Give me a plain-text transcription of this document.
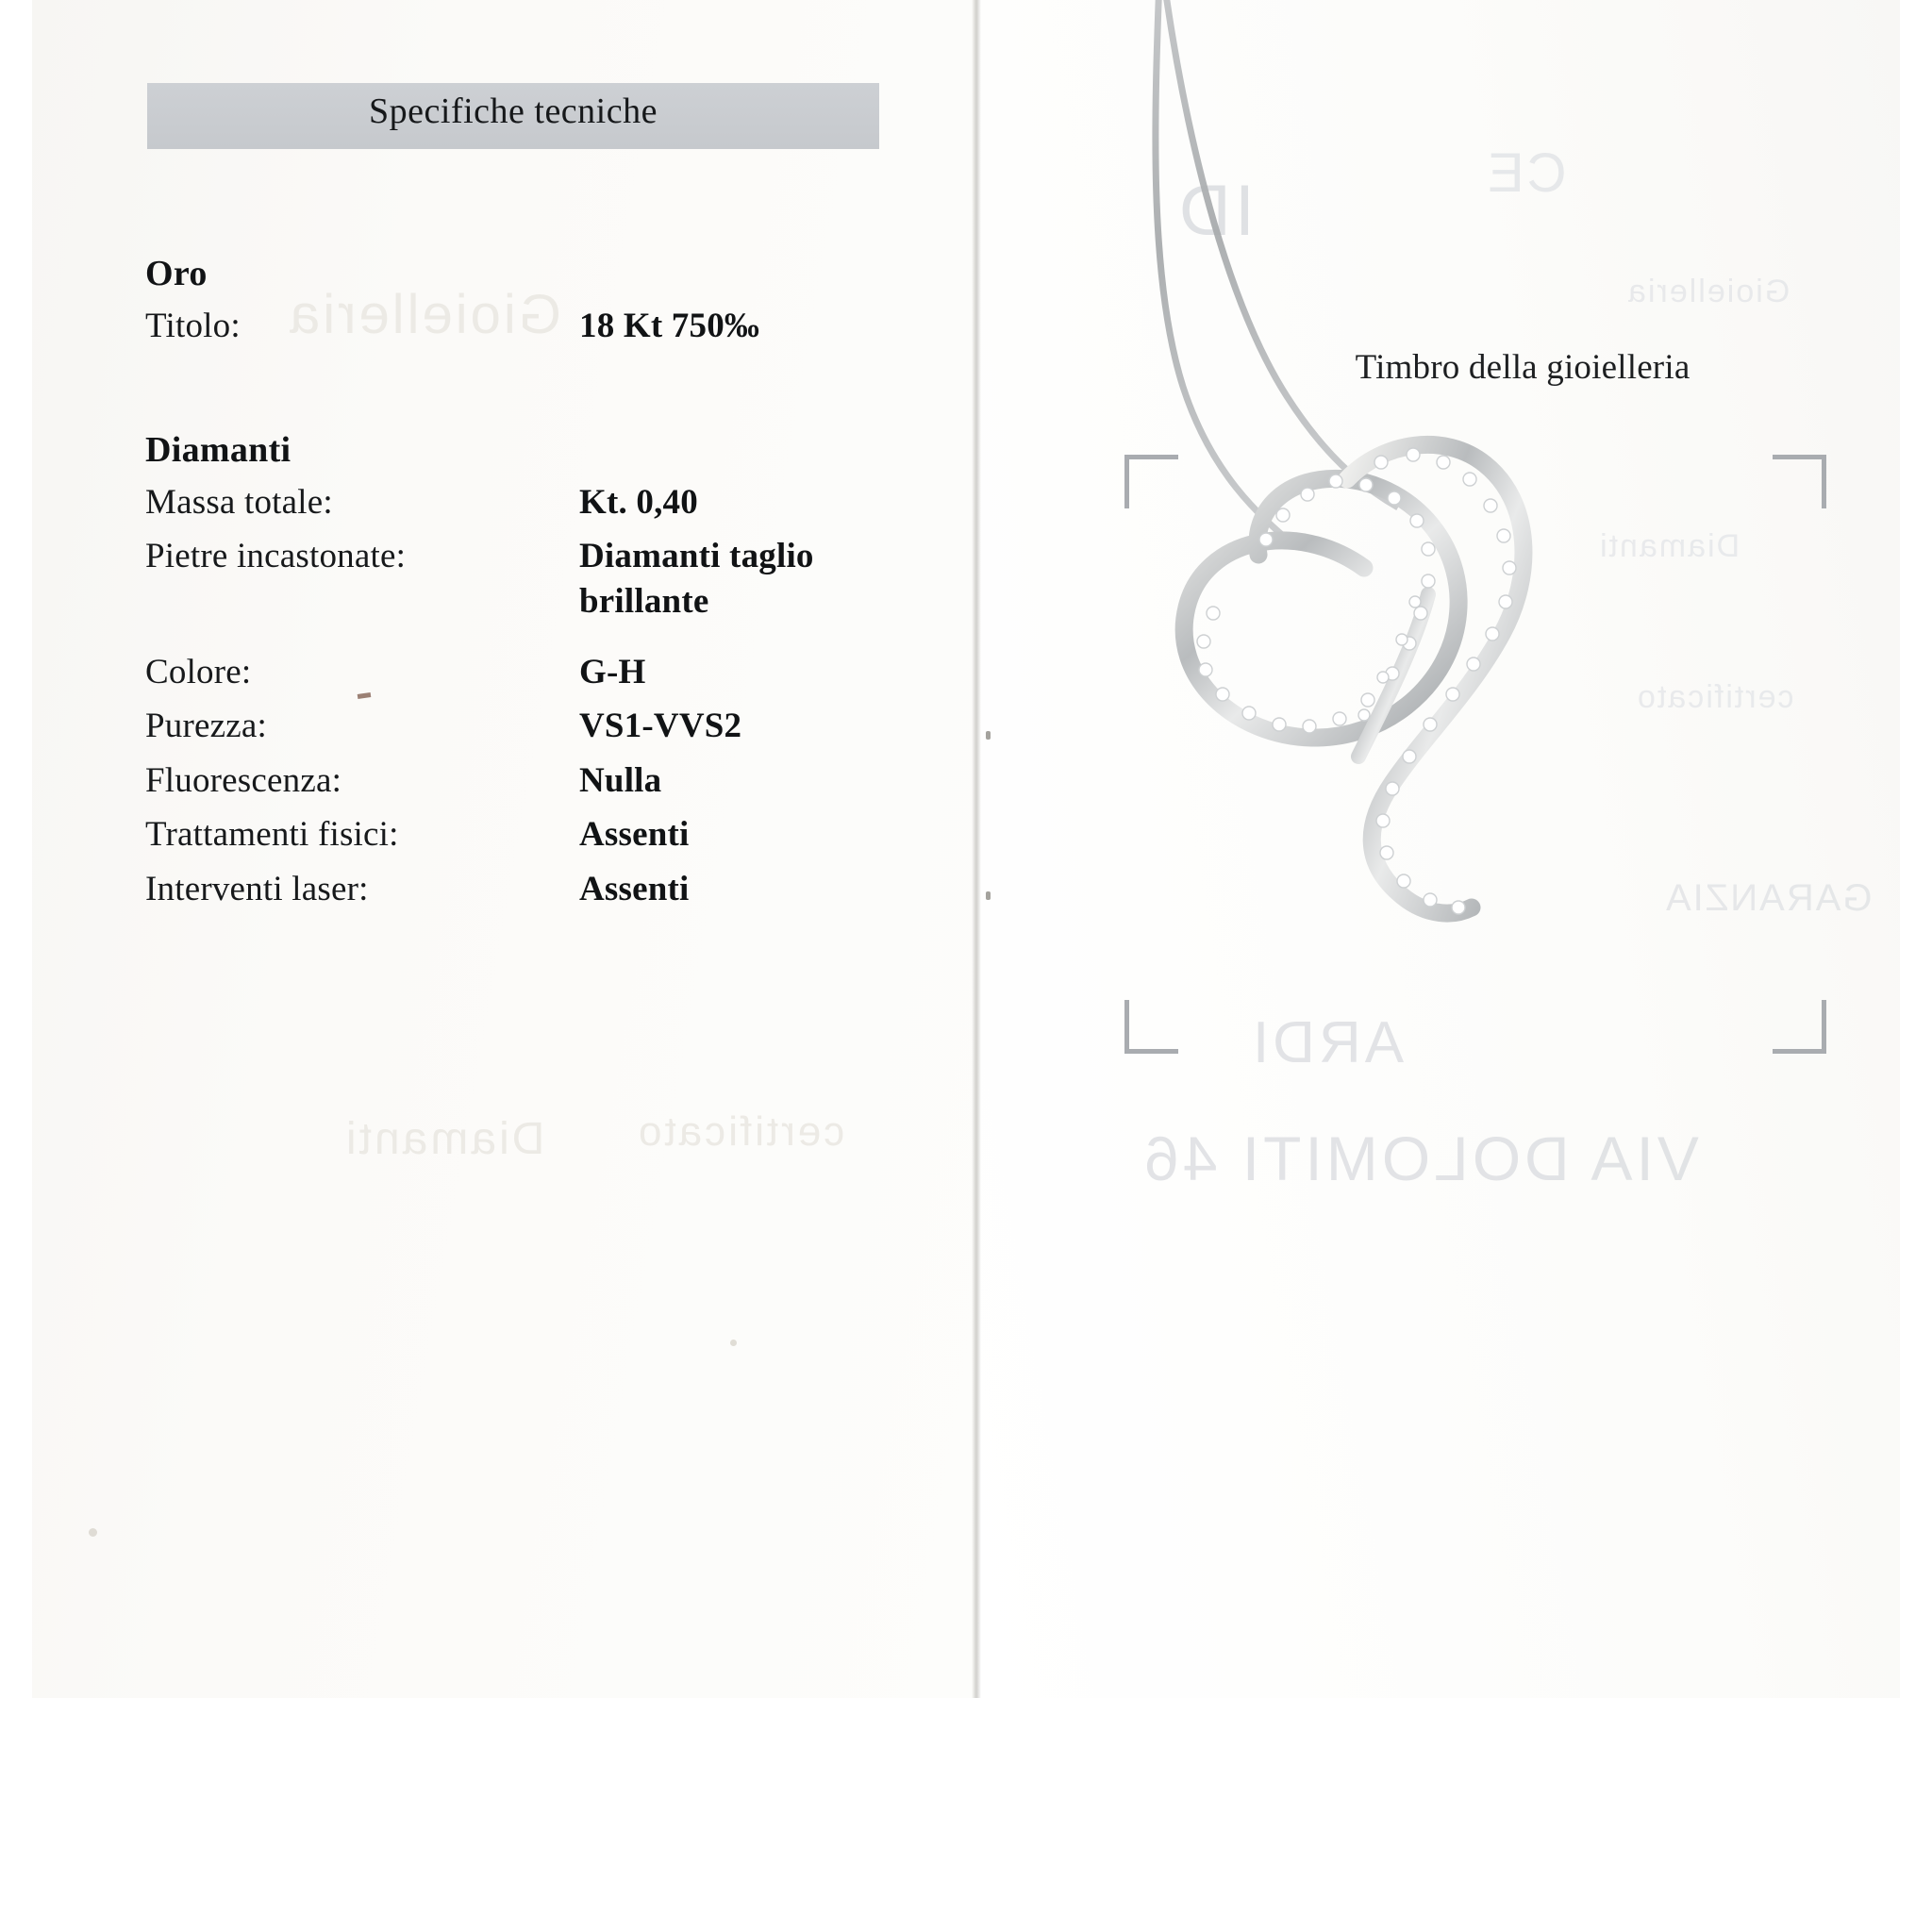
Gioielleria
Diamanti certificato
Specifiche tecniche
Oro
Titolo:	18 Kt 750‰
Diamanti
Massa totale:	Kt. 0,40
Pietre incastonate:	Diamanti taglio brillante
Colore:	G-H
Purezza:	VS1-VVS2
Fluorescenza:	Nulla
Trattamenti fisici:	Assenti
Interventi laser:	Assenti
ID	CE
Gioielleria
Diamanti
certificato
GARANZIA
ARDI
VIA DOLOMITI 46
Timbro della gioielleria
